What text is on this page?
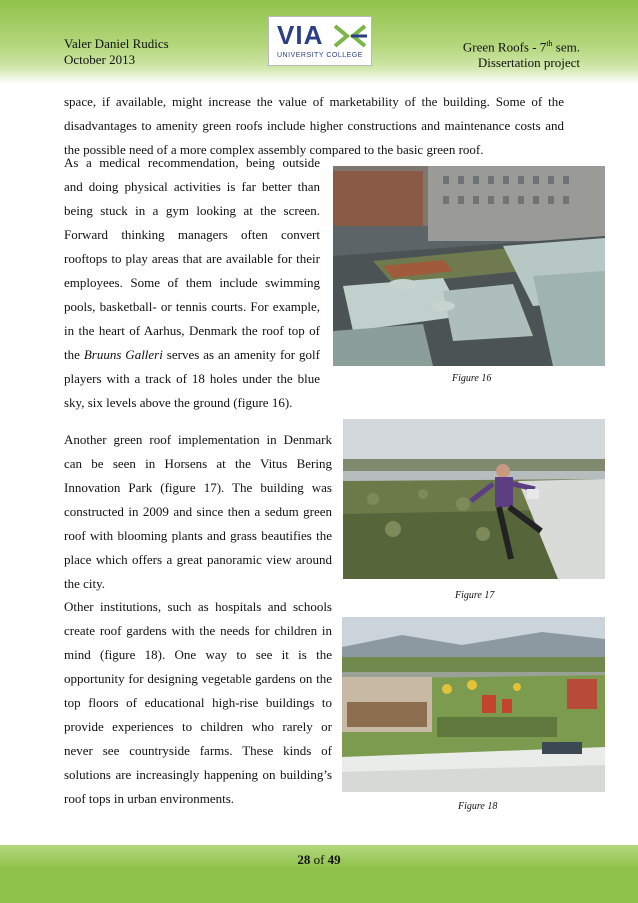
Valer Daniel Rudics
October 2013
VIA
UNIVERSITY COLLEGE
Green Roofs - 7th sem.
Dissertation project

space, if available, might increase the value of marketability of the building. Some of the disadvantages to amenity green roofs include higher constructions and maintenance costs and the possible need of a more complex assembly compared to the basic green roof.

As a medical recommendation, being outside and doing physical activities is far better than being stuck in a gym looking at the screen. Forward thinking managers often convert rooftops to play areas that are available for their employees. Some of them include swimming pools, basketball- or tennis courts. For example, in the heart of Aarhus, Denmark the roof top of the Bruuns Galleri serves as an amenity for golf players with a track of 18 holes under the blue sky, six levels above the ground (figure 16).

Another green roof implementation in Denmark can be seen in Horsens at the Vitus Bering Innovation Park (figure 17). The building was constructed in 2009 and since then a sedum green roof with blooming plants and grass beautifies the place which offers a great panoramic view around the city.

Other institutions, such as hospitals and schools create roof gardens with the needs for children in mind (figure 18). One way to see it is the opportunity for designing vegetable gardens on the top floors of educational high-rise buildings to provide experiences to children who rarely or never see countryside farms. These kinds of solutions are increasingly happening on building’s roof tops in urban environments.

Figure 16
Figure 17
Figure 18
28 of 49
